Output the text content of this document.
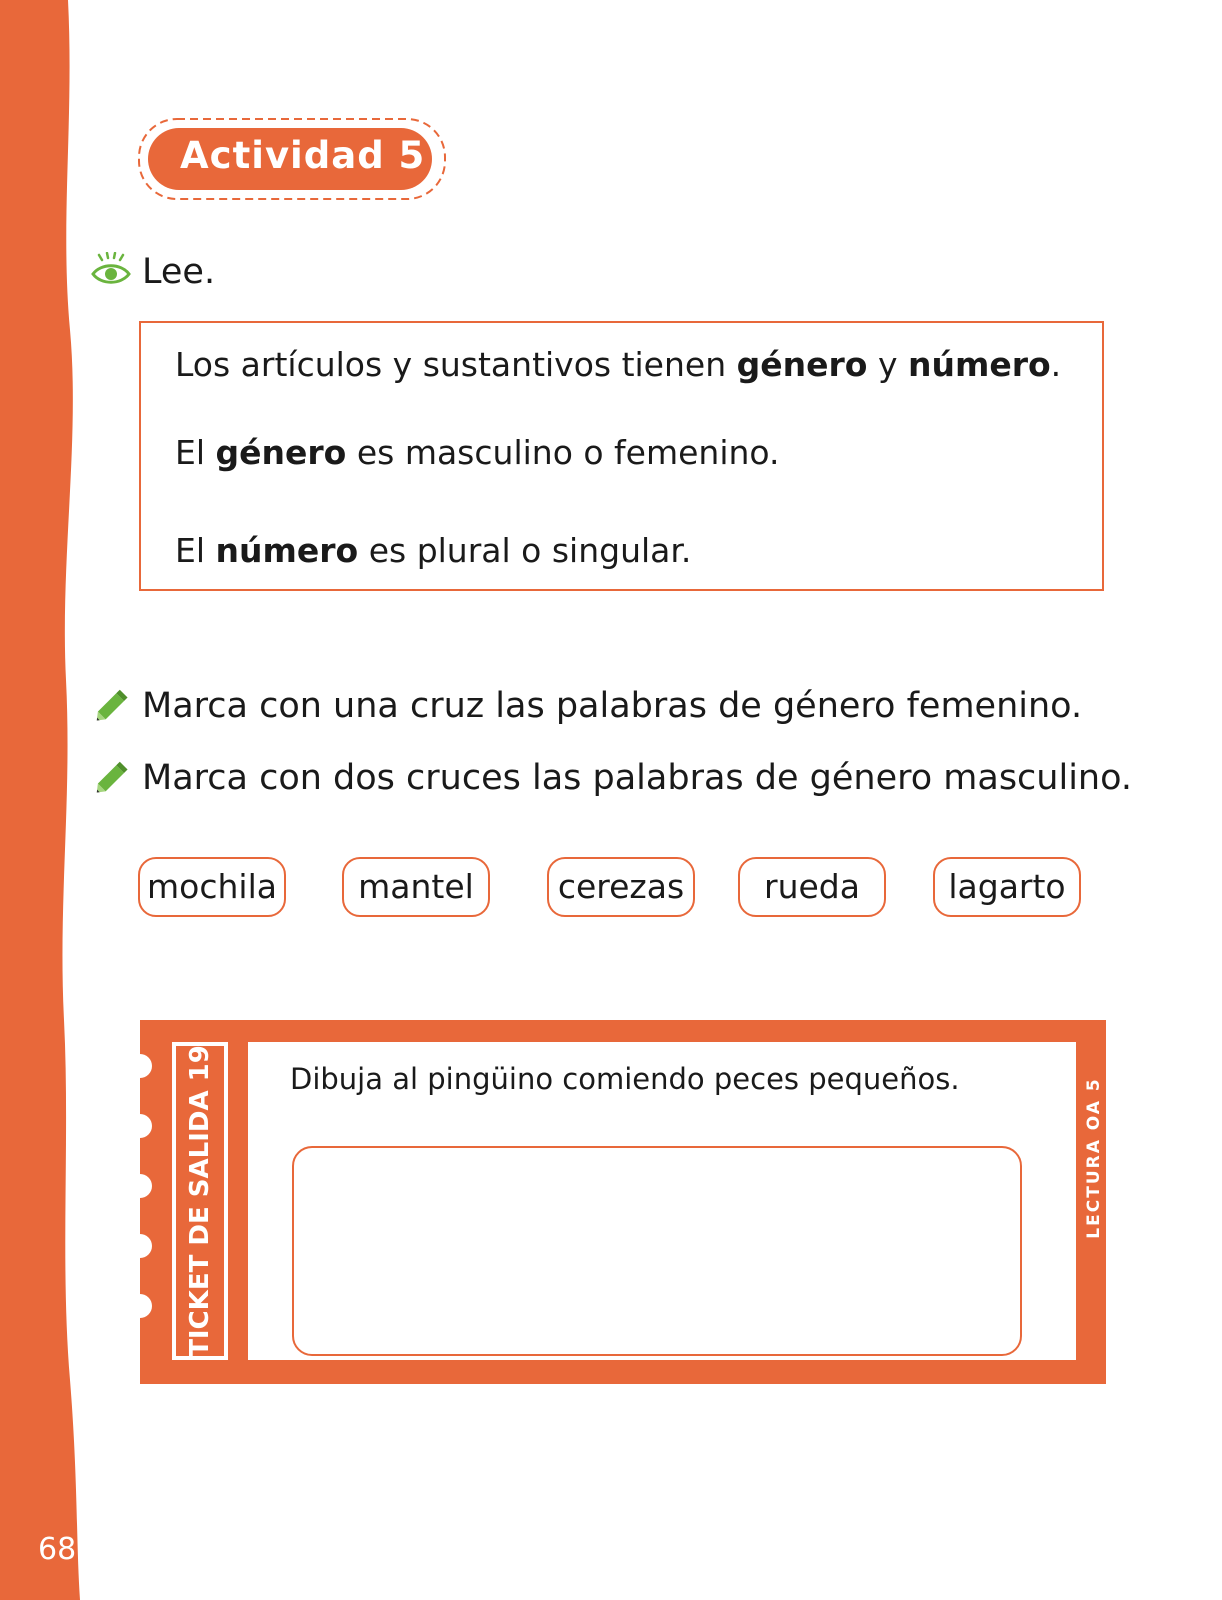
68
Actividad 5
Lee.
Los artículos y sustantivos tienen género y número.
El género es masculino o femenino.
El número es plural o singular.
Marca con una cruz las palabras de género femenino.
Marca con dos cruces las palabras de género masculino.
mochila	mantel	cerezas	rueda	lagarto
TICKET DE SALIDA 19	Dibuja al pingüino comiendo peces pequeños.	LECTURA OA 5
